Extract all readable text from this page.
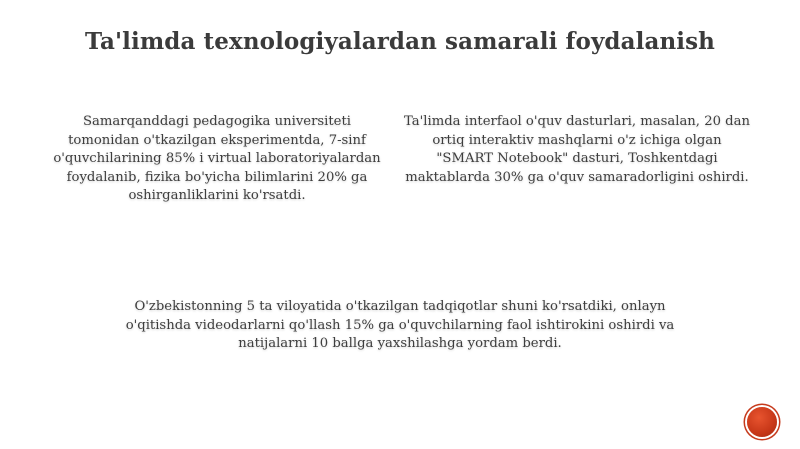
Ta'limda texnologiyalardan samarali foydalanish
Samarqanddagi pedagogika universiteti tomonidan o'tkazilgan eksperimentda, 7-sinf o'quvchilarining 85% i virtual laboratoriyalardan foydalanib, fizika bo'yicha bilimlarini 20% ga oshirganliklarini ko'rsatdi.
Ta'limda interfaol o'quv dasturlari, masalan, 20 dan ortiq interaktiv mashqlarni o'z ichiga olgan "SMART Notebook" dasturi, Toshkentdagi maktablarda 30% ga o'quv samaradorligini oshirdi.
O'zbekistonning 5 ta viloyatida o'tkazilgan tadqiqotlar shuni ko'rsatdiki, onlayn o'qitishda videodarlarni qo'llash 15% ga o'quvchilarning faol ishtirokini oshirdi va natijalarni 10 ballga yaxshilashga yordam berdi.
